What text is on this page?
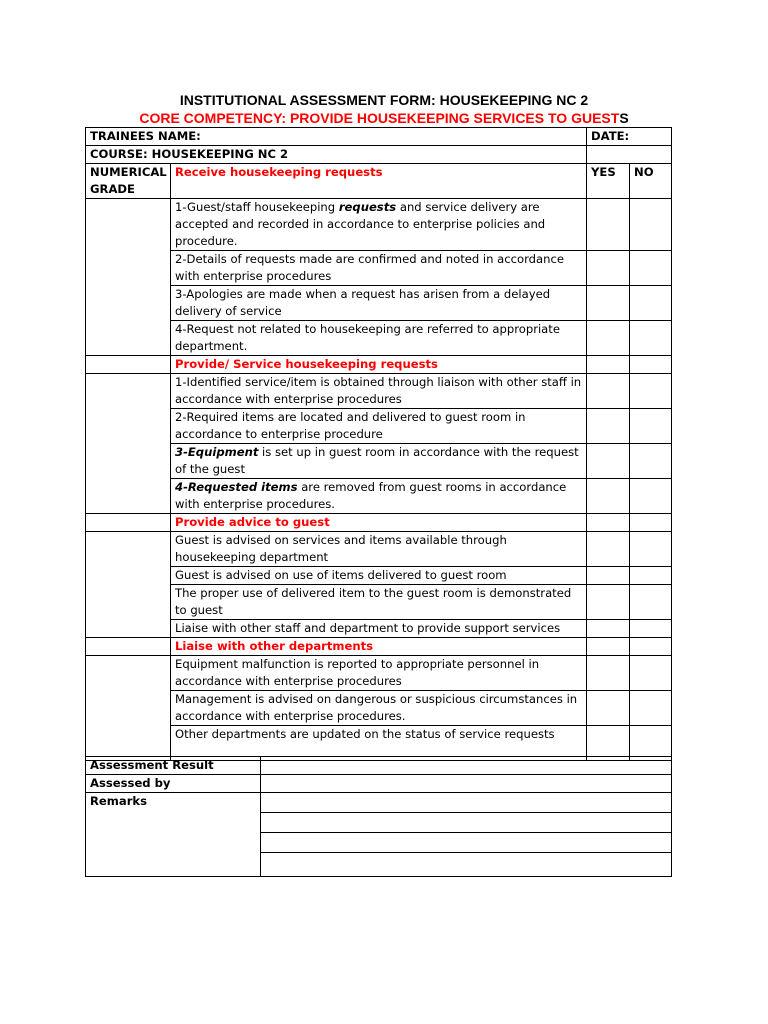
INSTITUTIONAL ASSESSMENT FORM: HOUSEKEEPING NC 2
CORE COMPETENCY: PROVIDE HOUSEKEEPING SERVICES TO GUESTS
TRAINEES NAME:		DATE:	
COURSE: HOUSEKEEPING NC 2			
NUMERICAL GRADE	Receive housekeeping requests	YES	NO
	1-Guest/staff housekeeping requests and service delivery are accepted and recorded in accordance to enterprise policies and procedure.		
	2-Details of requests made are confirmed and noted in accordance with enterprise procedures		
	3-Apologies are made when a request has arisen from a delayed delivery of service		
	4-Request not related to housekeeping are referred to appropriate department.		
	Provide/ Service housekeeping requests		
	1-Identified service/item is obtained through liaison with other staff in accordance with enterprise procedures		
	2-Required items are located and delivered to guest room in accordance to enterprise procedure		
	3-Equipment is set up in guest room in accordance with the request of the guest		
	4-Requested items are removed from guest rooms in accordance with enterprise procedures.		
	Provide advice to guest		
	Guest is advised on services and items available through housekeeping department		
	Guest is advised on use of items delivered to guest room		
	The proper use of delivered item to the guest room is demonstrated to guest		
	Liaise with other staff and department to provide support services		
	Liaise with other departments		
	Equipment malfunction is reported to appropriate personnel in accordance with enterprise procedures		
	Management is advised on dangerous or suspicious circumstances in accordance with enterprise procedures.		
	Other departments are updated on the status of service requests		
Assessment Result	
Assessed by	
Remarks	
